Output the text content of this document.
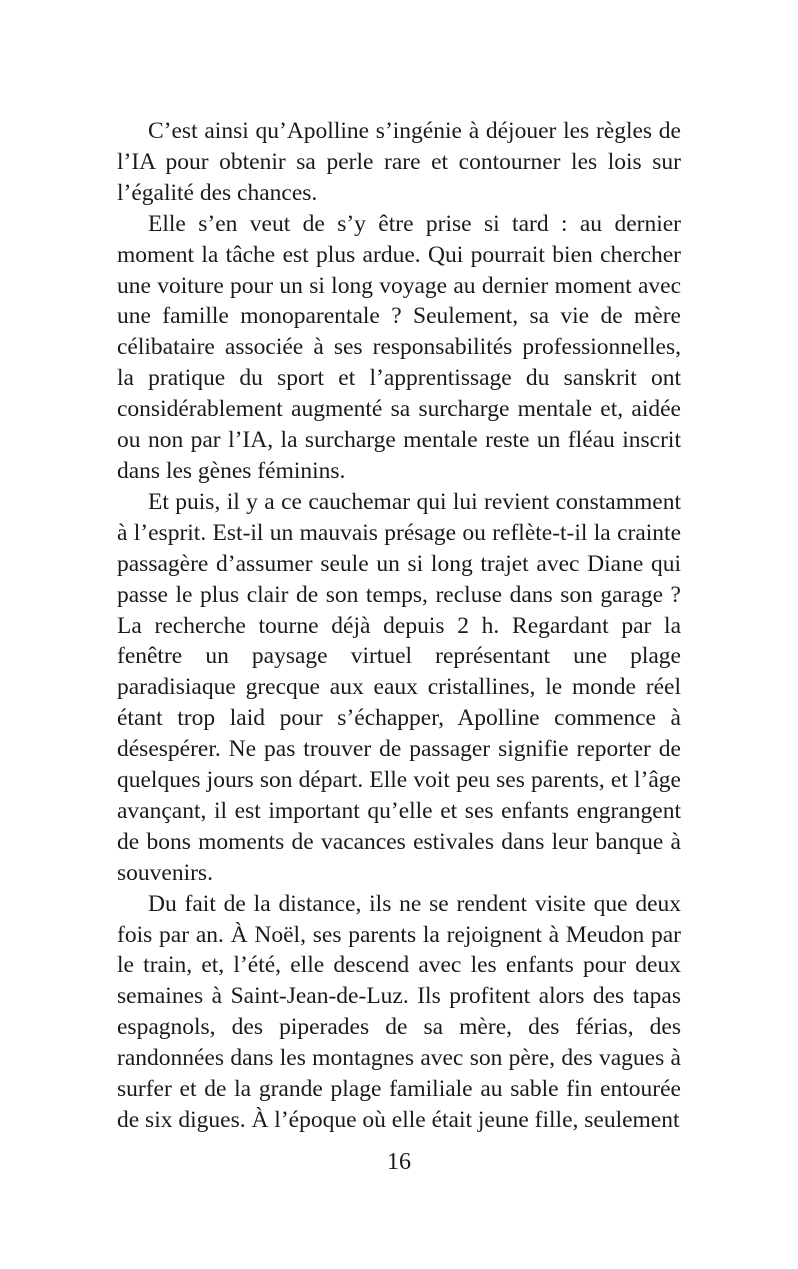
C’est ainsi qu’Apolline s’ingénie à déjouer les règles de l’IA pour obtenir sa perle rare et contourner les lois sur l’égalité des chances.

Elle s’en veut de s’y être prise si tard : au dernier moment la tâche est plus ardue. Qui pourrait bien chercher une voiture pour un si long voyage au dernier moment avec une famille monoparentale ? Seulement, sa vie de mère célibataire associée à ses responsabilités professionnelles, la pratique du sport et l’apprentissage du sanskrit ont considérablement augmenté sa surcharge mentale et, aidée ou non par l’IA, la surcharge mentale reste un fléau inscrit dans les gènes féminins.

Et puis, il y a ce cauchemar qui lui revient constamment à l’esprit. Est-il un mauvais présage ou reflète-t-il la crainte passagère d’assumer seule un si long trajet avec Diane qui passe le plus clair de son temps, recluse dans son garage ? La recherche tourne déjà depuis 2 h. Regardant par la fenêtre un paysage virtuel représentant une plage paradisiaque grecque aux eaux cristallines, le monde réel étant trop laid pour s’échapper, Apolline commence à désespérer. Ne pas trouver de passager signifie reporter de quelques jours son départ. Elle voit peu ses parents, et l’âge avançant, il est important qu’elle et ses enfants engrangent de bons moments de vacances estivales dans leur banque à souvenirs.

Du fait de la distance, ils ne se rendent visite que deux fois par an. À Noël, ses parents la rejoignent à Meudon par le train, et, l’été, elle descend avec les enfants pour deux semaines à Saint-Jean-de-Luz. Ils profitent alors des tapas espagnols, des piperades de sa mère, des férias, des randonnées dans les montagnes avec son père, des vagues à surfer et de la grande plage familiale au sable fin entourée de six digues. À l’époque où elle était jeune fille, seulement

16
